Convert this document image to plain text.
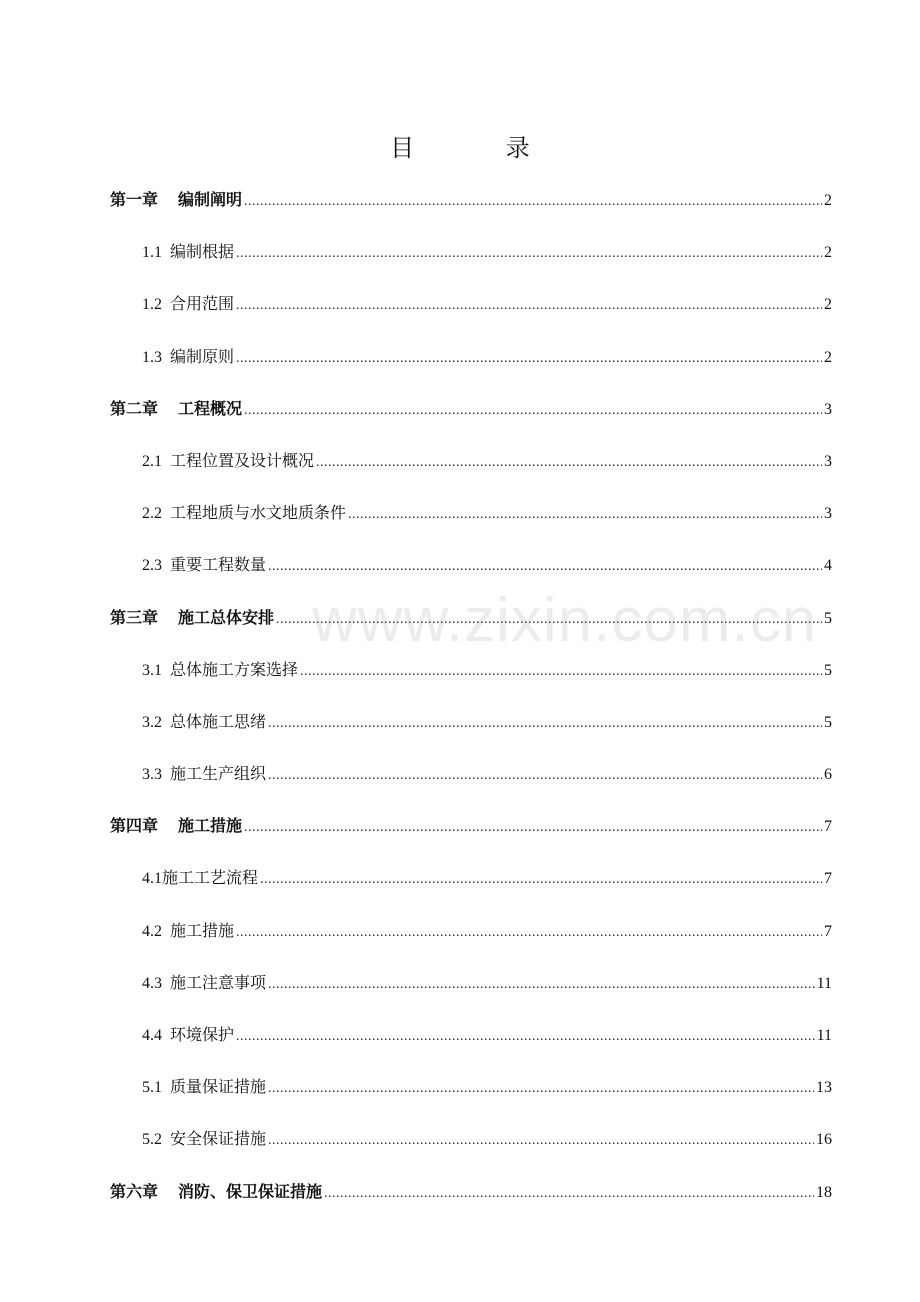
目 录
www.zixin.com.cn
第一章 编制阐明 .....	2
1.1 编制根据 .....	2
1.2 合用范围 .....	2
1.3 编制原则 .....	2
第二章 工程概况 .....	3
2.1 工程位置及设计概况 .....	3
2.2 工程地质与水文地质条件 .....	3
2.3 重要工程数量 .....	4
第三章 施工总体安排 .....	5
3.1 总体施工方案选择 .....	5
3.2 总体施工思绪 .....	5
3.3 施工生产组织 .....	6
第四章 施工措施 .....	7
4.1 施工工艺流程 .....	7
4.2 施工措施 .....	7
4.3 施工注意事项 .....	11
4.4 环境保护 .....	11
5.1 质量保证措施 .....	13
5.2 安全保证措施 .....	16
第六章 消防、保卫保证措施 .....	18
